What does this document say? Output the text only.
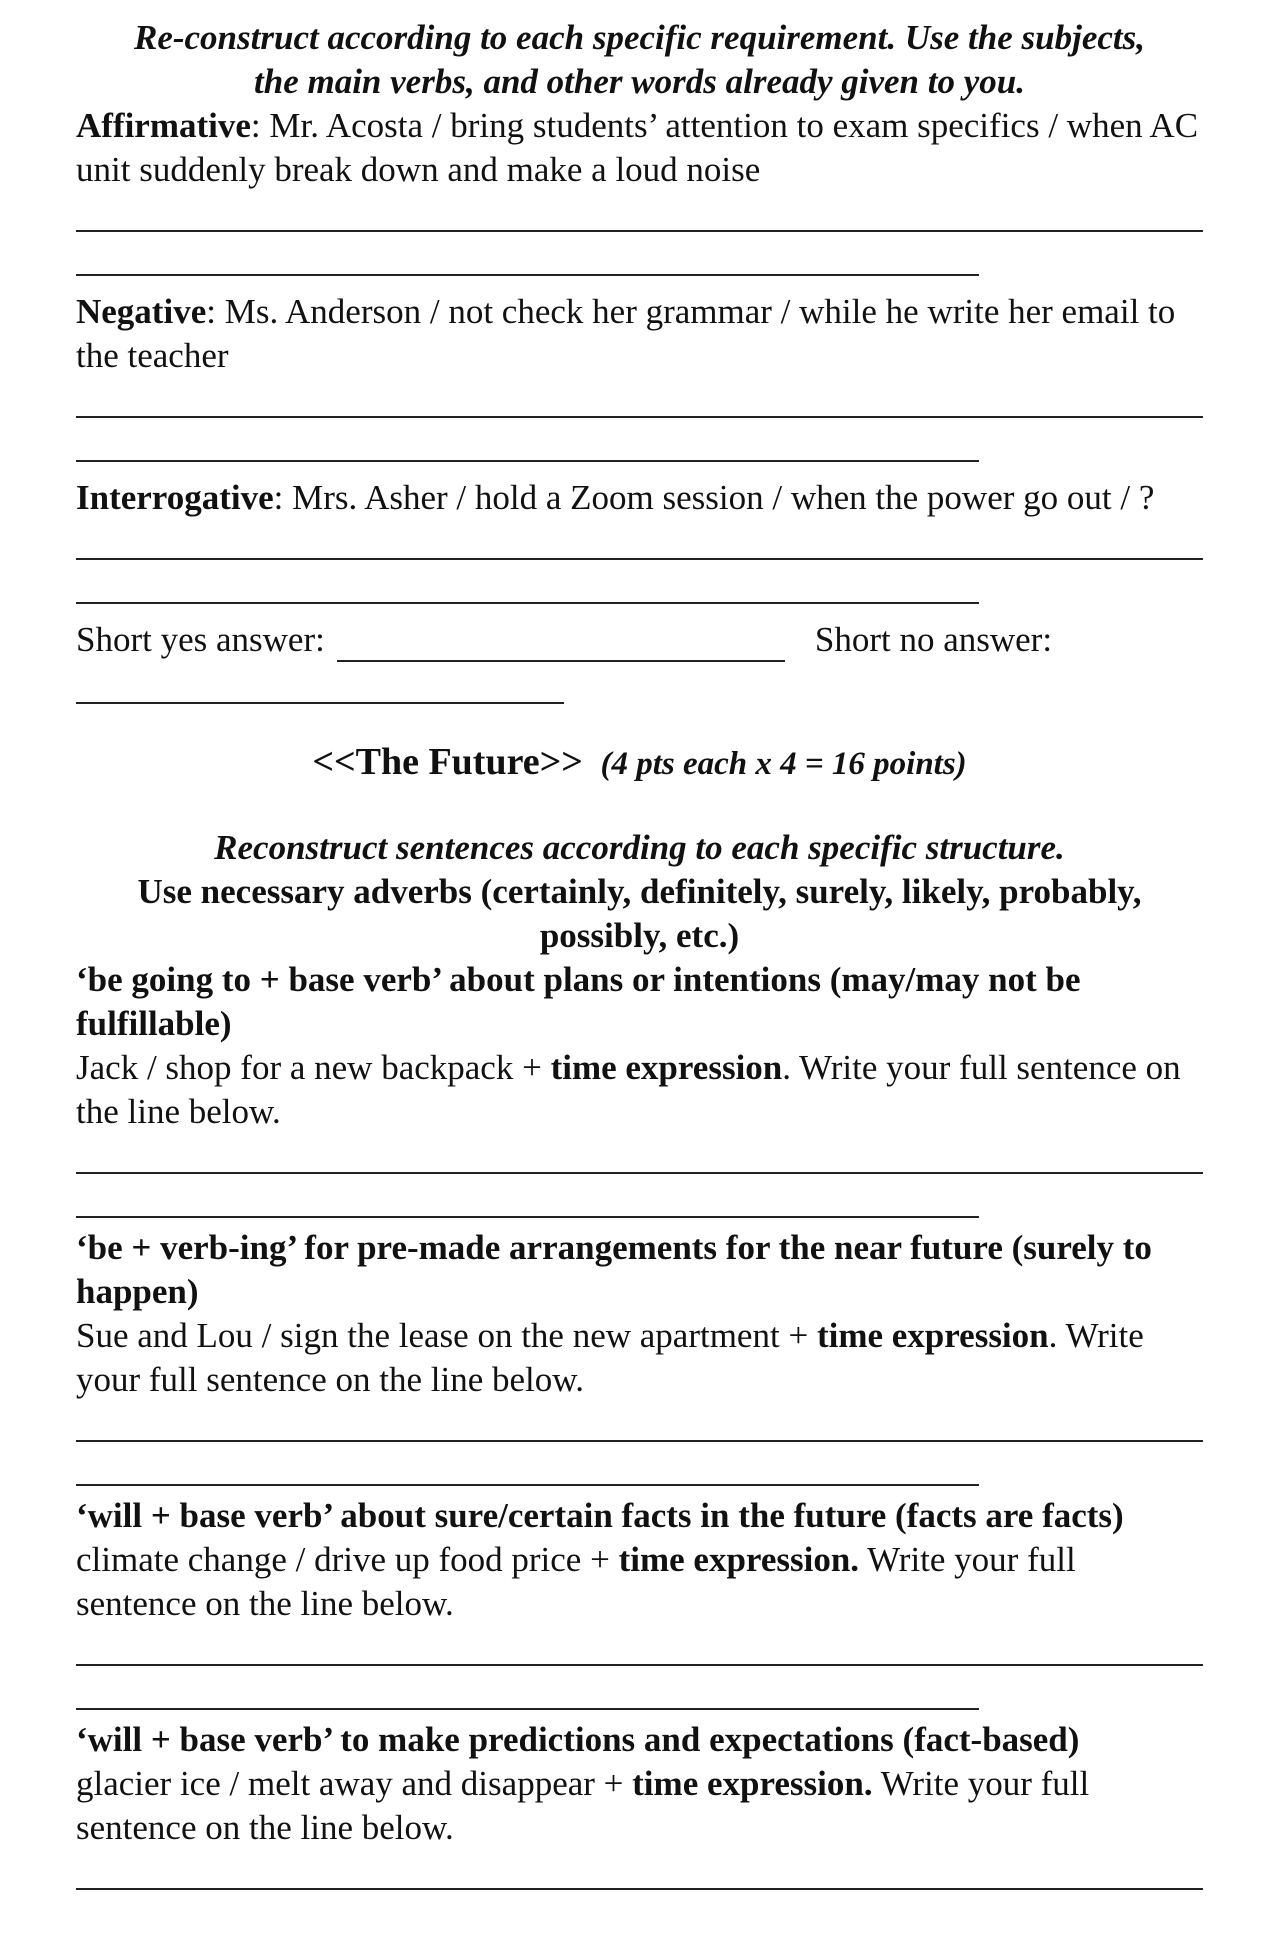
Re-construct according to each specific requirement. Use the subjects,

the main verbs, and other words already given to you.

Affirmative: Mr. Acosta / bring students’ attention to exam specifics / when AC unit suddenly break down and make a loud noise

Negative: Ms. Anderson / not check her grammar / while he write her email to the teacher

Interrogative: Mrs. Asher / hold a Zoom session / when the power go out / ?

Short yes answer:	Short no answer:

<<The Future>> (4 pts each x 4 = 16 points)

Reconstruct sentences according to each specific structure.

Use necessary adverbs (certainly, definitely, surely, likely, probably, possibly, etc.)

‘be going to + base verb’ about plans or intentions (may/may not be fulfillable)

Jack / shop for a new backpack + time expression. Write your full sentence on the line below.

‘be + verb-ing’ for pre-made arrangements for the near future (surely to happen)

Sue and Lou / sign the lease on the new apartment + time expression. Write your full sentence on the line below.

‘will + base verb’ about sure/certain facts in the future (facts are facts)

climate change / drive up food price + time expression. Write your full sentence on the line below.

‘will + base verb’ to make predictions and expectations (fact-based)

glacier ice / melt away and disappear + time expression. Write your full sentence on the line below.
